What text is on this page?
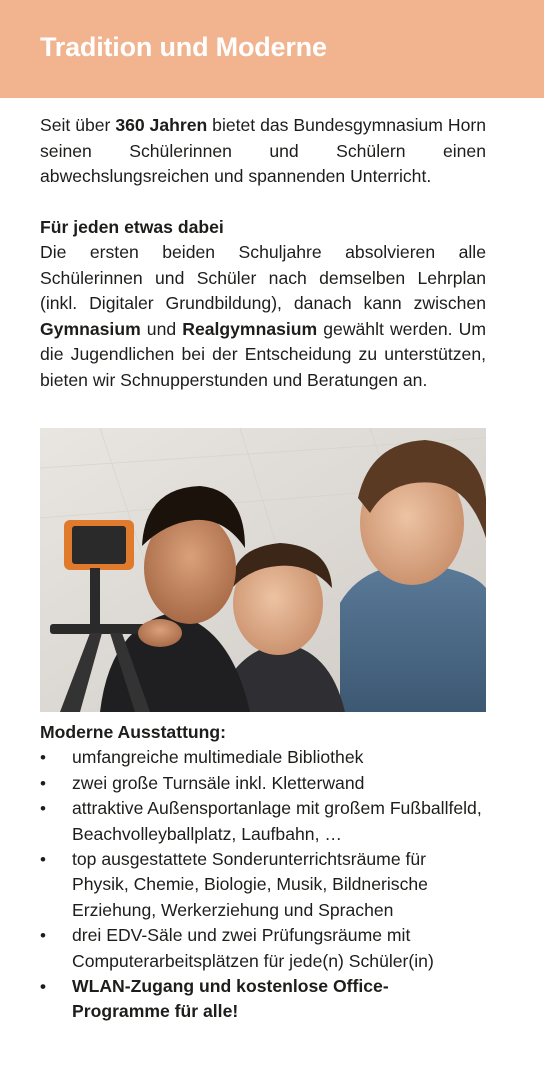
Tradition und Moderne

Seit über 360 Jahren bietet das Bundesgymnasium Horn seinen Schülerinnen und Schülern einen abwechslungsreichen und spannenden Unterricht.

Für jeden etwas dabei

Die ersten beiden Schuljahre absolvieren alle Schülerinnen und Schüler nach demselben Lehrplan (inkl. Digitaler Grundbildung), danach kann zwischen Gymnasium und Realgymnasium gewählt werden. Um die Jugendlichen bei der Entscheidung zu unterstützen, bieten wir Schnupperstunden und Beratungen an.

Moderne Ausstattung:
• umfangreiche multimediale Bibliothek
• zwei große Turnsäle inkl. Kletterwand
• attraktive Außensportanlage mit großem Fußballfeld, Beachvolleyballplatz, Laufbahn, …
• top ausgestattete Sonderunterrichtsräume für Physik, Chemie, Biologie, Musik, Bildnerische Erziehung, Werkerziehung und Sprachen
• drei EDV-Säle und zwei Prüfungsräume mit Computerarbeitsplätzen für jede(n) Schüler(in)
• WLAN-Zugang und kostenlose Office-Programme für alle!
